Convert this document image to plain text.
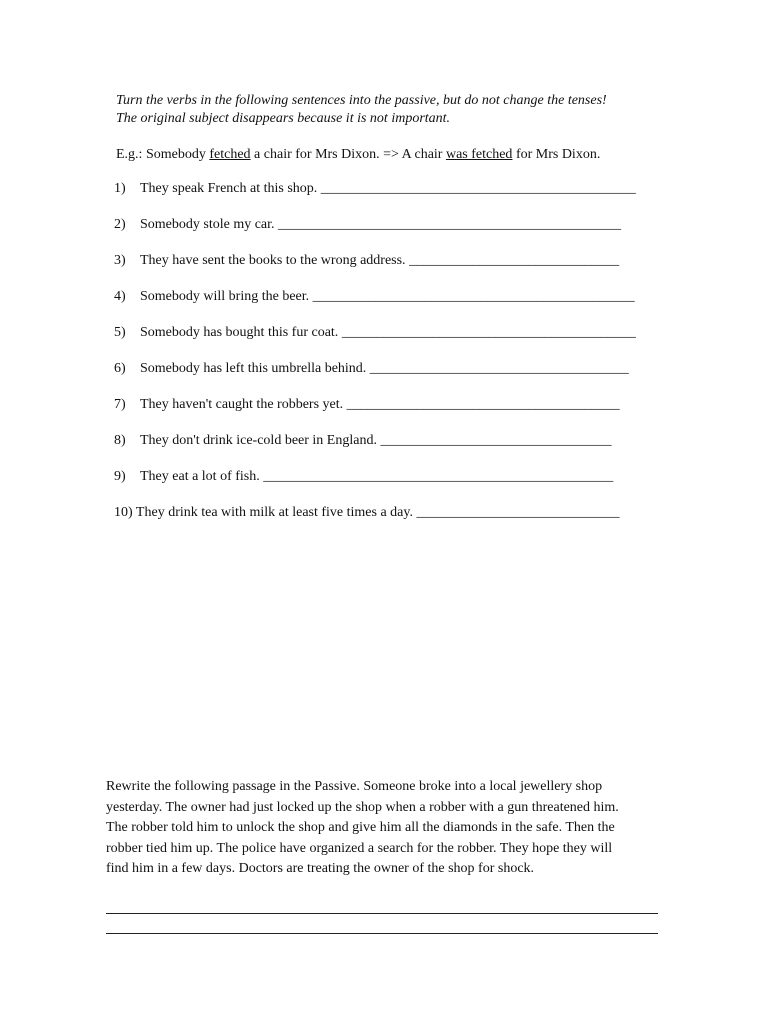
Turn the verbs in the following sentences into the passive, but do not change the tenses!
The original subject disappears because it is not important.
E.g.: Somebody fetched a chair for Mrs Dixon. => A chair was fetched for Mrs Dixon.
1) They speak French at this shop. _____________________________________________
2) Somebody stole my car. _________________________________________________
3) They have sent the books to the wrong address. ______________________________
4) Somebody will bring the beer. ______________________________________________
5) Somebody has bought this fur coat. __________________________________________
6) Somebody has left this umbrella behind. _____________________________________
7) They haven't caught the robbers yet. _______________________________________
8) They don't drink ice-cold beer in England. _________________________________
9) They eat a lot of fish. __________________________________________________
10) They drink tea with milk at least five times a day. _____________________________
Rewrite the following passage in the Passive. Someone broke into a local jewellery shop
yesterday. The owner had just locked up the shop when a robber with a gun threatened him.
The robber told him to unlock the shop and give him all the diamonds in the safe. Then the
robber tied him up. The police have organized a search for the robber. They hope they will
find him in a few days. Doctors are treating the owner of the shop for shock.
